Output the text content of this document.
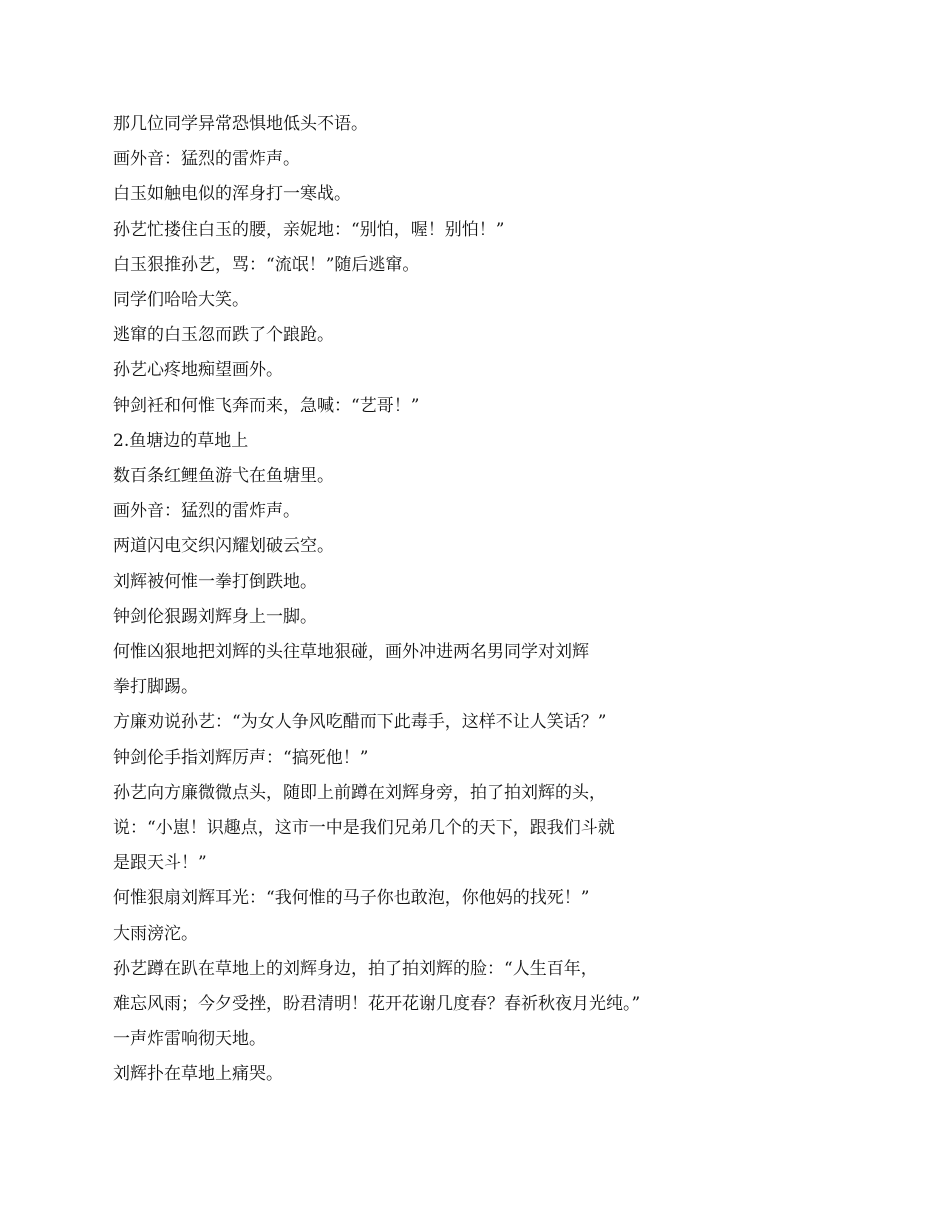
那几位同学异常恐惧地低头不语。

画外音：猛烈的雷炸声。

白玉如触电似的浑身打一寒战。

孙艺忙搂住白玉的腰，亲妮地：“别怕，喔！别怕！”

白玉狠推孙艺，骂：“流氓！”随后逃窜。

同学们哈哈大笑。

逃窜的白玉忽而跌了个踉跄。

孙艺心疼地痴望画外。

钟剑衽和何惟飞奔而来，急喊：“艺哥！”

2.鱼塘边的草地上

数百条红鲤鱼游弋在鱼塘里。

画外音：猛烈的雷炸声。

两道闪电交织闪耀划破云空。

刘辉被何惟一拳打倒跌地。

钟剑伦狠踢刘辉身上一脚。

何惟凶狠地把刘辉的头往草地狠碰，画外冲进两名男同学对刘辉

拳打脚踢。

方廉劝说孙艺：“为女人争风吃醋而下此毒手，这样不让人笑话？”

钟剑伦手指刘辉厉声：“搞死他！”

孙艺向方廉微微点头，随即上前蹲在刘辉身旁，拍了拍刘辉的头，

说：“小崽！识趣点，这市一中是我们兄弟几个的天下，跟我们斗就

是跟天斗！”

何惟狠扇刘辉耳光：“我何惟的马子你也敢泡，你他妈的找死！”

大雨滂沱。

孙艺蹲在趴在草地上的刘辉身边，拍了拍刘辉的脸：“人生百年，

难忘风雨；今夕受挫，盼君清明！花开花谢几度春？春祈秋夜月光纯。”

一声炸雷响彻天地。

刘辉扑在草地上痛哭。
